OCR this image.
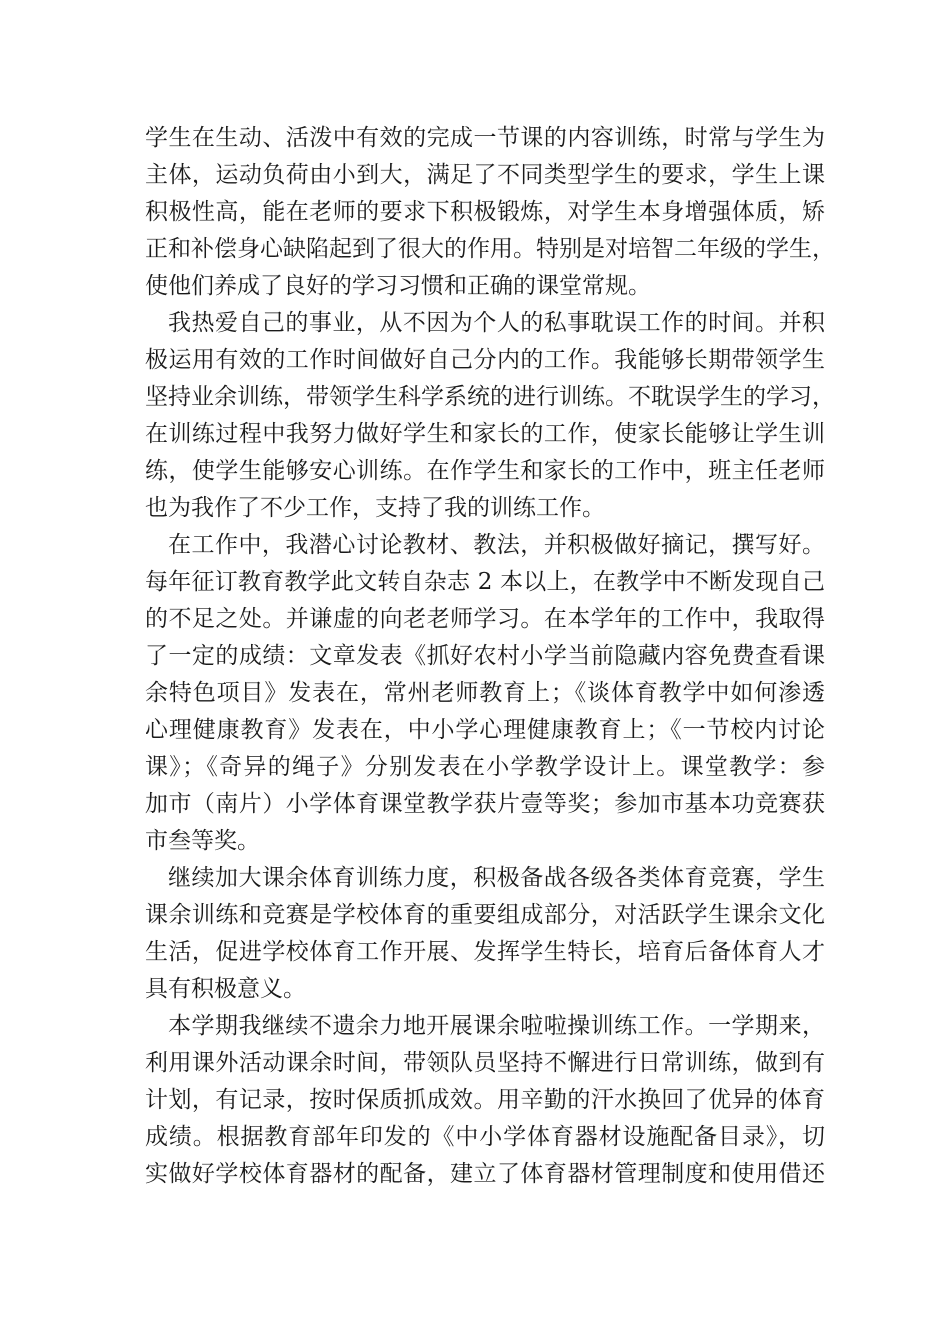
学生在生动、活泼中有效的完成一节课的内容训练，时常与学生为
主体，运动负荷由小到大，满足了不同类型学生的要求，学生上课
积极性高，能在老师的要求下积极锻炼，对学生本身增强体质，矫
正和补偿身心缺陷起到了很大的作用。特别是对培智二年级的学生，
使他们养成了良好的学习习惯和正确的课堂常规。
我热爱自己的事业，从不因为个人的私事耽误工作的时间。并积
极运用有效的工作时间做好自己分内的工作。我能够长期带领学生
坚持业余训练，带领学生科学系统的进行训练。不耽误学生的学习，
在训练过程中我努力做好学生和家长的工作，使家长能够让学生训
练，使学生能够安心训练。在作学生和家长的工作中，班主任老师
也为我作了不少工作，支持了我的训练工作。
在工作中，我潜心讨论教材、教法，并积极做好摘记，撰写好。
每年征订教育教学此文转自杂志 2 本以上，在教学中不断发现自己
的不足之处。并谦虚的向老老师学习。在本学年的工作中，我取得
了一定的成绩：文章发表《抓好农村小学当前隐藏内容免费查看课
余特色项目》发表在，常州老师教育上；《谈体育教学中如何渗透
心理健康教育》发表在，中小学心理健康教育上；《一节校内讨论
课》；《奇异的绳子》分别发表在小学教学设计上。课堂教学：参
加市（南片）小学体育课堂教学获片壹等奖；参加市基本功竞赛获
市叁等奖。
继续加大课余体育训练力度，积极备战各级各类体育竞赛，学生
课余训练和竞赛是学校体育的重要组成部分，对活跃学生课余文化
生活，促进学校体育工作开展、发挥学生特长，培育后备体育人才
具有积极意义。
本学期我继续不遗余力地开展课余啦啦操训练工作。一学期来，
利用课外活动课余时间，带领队员坚持不懈进行日常训练，做到有
计划，有记录，按时保质抓成效。用辛勤的汗水换回了优异的体育
成绩。根据教育部年印发的《中小学体育器材设施配备目录》，切
实做好学校体育器材的配备，建立了体育器材管理制度和使用借还
